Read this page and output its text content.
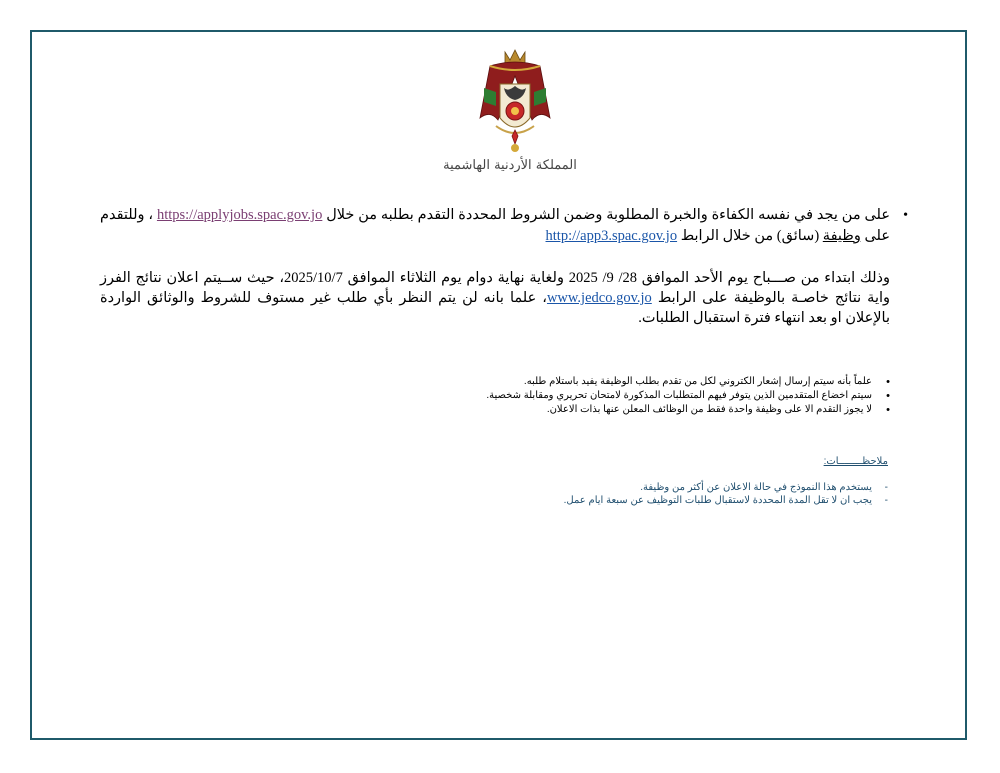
المملكة الأردنية الهاشمية
•
على من يجد في نفسه الكفاءة والخبرة المطلوبة وضمن الشروط المحددة التقدم بطلبه من خلال https://applyjobs.spac.gov.jo ، وللتقدم على وظيفة (سائق) من خلال الرابط http://app3.spac.gov.jo
وذلك ابتداء من صـــباح يوم الأحد الموافق 28/ 9/ 2025 ولغاية نهاية دوام يوم الثلاثاء الموافق 2025/10/7، حيث ســيتم اعلان نتائج الفرز واية نتائج خاصـة بالوظيفة على الرابط www.jedco.gov.jo، علما بانه لن يتم النظر بأي طلب غير مستوف للشروط والوثائق الواردة بالإعلان او بعد انتهاء فترة استقبال الطلبات.
• علماً بأنه سيتم إرسال إشعار الكتروني لكل من تقدم بطلب الوظيفة يفيد باستلام طلبه.
• سيتم اخضاع المتقدمين الذين يتوفر فيهم المتطلبات المذكورة لامتحان تحريري ومقابلة شخصية.
• لا يجوز التقدم الا على وظيفة واحدة فقط من الوظائف المعلن عنها بذات الاعلان.
ملاحظــــــــات:
- يستخدم هذا النموذج في حالة الاعلان عن أكثر من وظيفة.
- يجب ان لا تقل المدة المحددة لاستقبال طلبات التوظيف عن سبعة ايام عمل.
